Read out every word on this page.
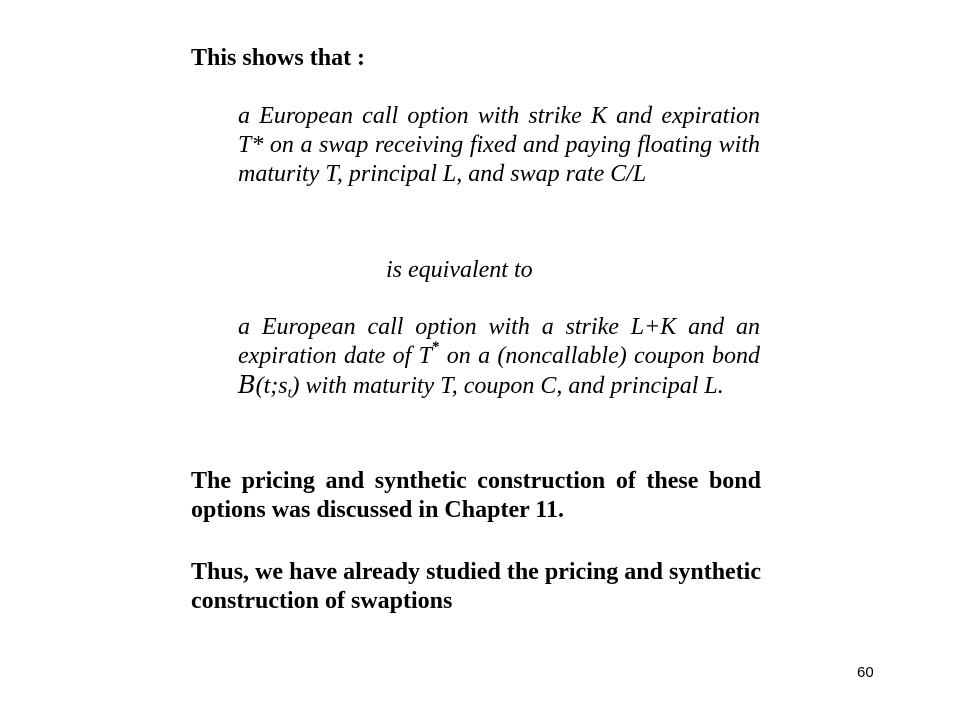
This shows that :
a European call option with strike K and expiration T* on a swap receiving fixed and paying floating with maturity T, principal L, and swap rate C/L
is equivalent to
a European call option with a strike L+K and an expiration date of T* on a (noncallable) coupon bond B(t;st) with maturity T, coupon C, and principal L.
The pricing and synthetic construction of these bond options was discussed in Chapter 11.
Thus, we have already studied the pricing and synthetic construction of swaptions
60
